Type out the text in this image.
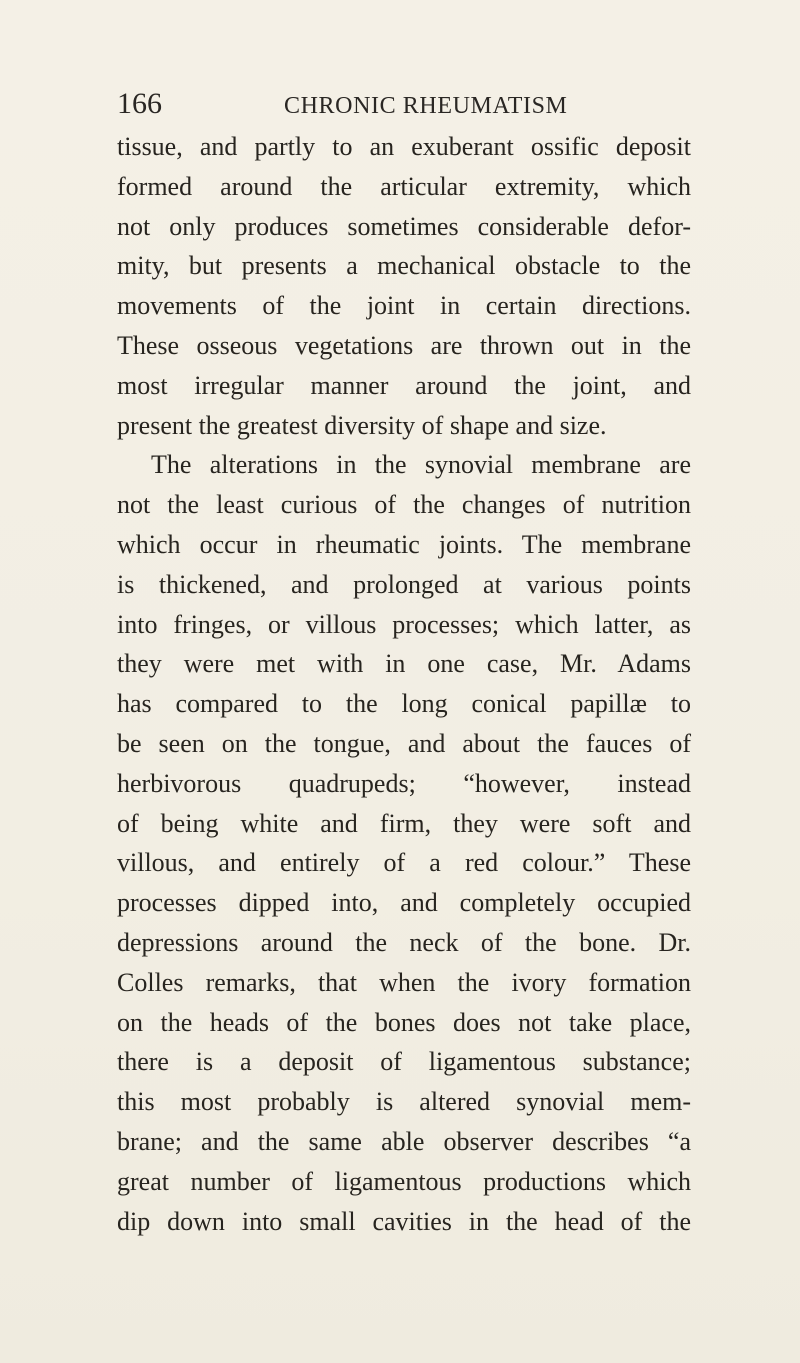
166	CHRONIC RHEUMATISM
tissue, and partly to an exuberant ossific deposit
formed around the articular extremity, which
not only produces sometimes considerable defor-
mity, but presents a mechanical obstacle to the
movements of the joint in certain directions.
These osseous vegetations are thrown out in the
most irregular manner around the joint, and
present the greatest diversity of shape and size.
The alterations in the synovial membrane are
not the least curious of the changes of nutrition
which occur in rheumatic joints. The membrane
is thickened, and prolonged at various points
into fringes, or villous processes; which latter, as
they were met with in one case, Mr. Adams
has compared to the long conical papillæ to
be seen on the tongue, and about the fauces of
herbivorous quadrupeds; “however, instead
of being white and firm, they were soft and
villous, and entirely of a red colour.” These
processes dipped into, and completely occupied
depressions around the neck of the bone. Dr.
Colles remarks, that when the ivory formation
on the heads of the bones does not take place,
there is a deposit of ligamentous substance;
this most probably is altered synovial mem-
brane; and the same able observer describes “a
great number of ligamentous productions which
dip down into small cavities in the head of the
